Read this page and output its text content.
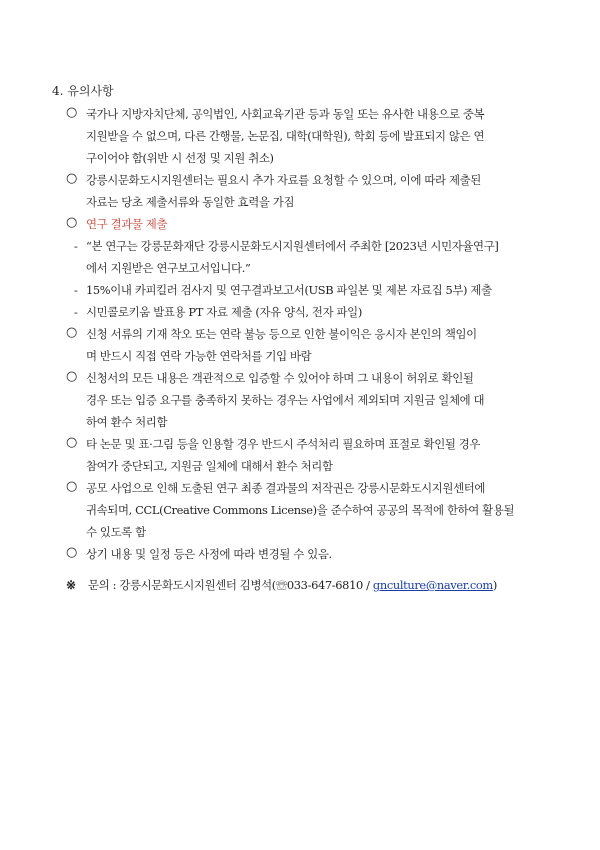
4. 유의사항
○ 국가나 지방자치단체, 공익법인, 사회교육기관 등과 동일 또는 유사한 내용으로 중복
지원받을 수 없으며, 다른 간행물, 논문집, 대학(대학원), 학회 등에 발표되지 않은 연
구이어야 함(위반 시 선정 및 지원 취소)
○ 강릉시문화도시지원센터는 필요시 추가 자료를 요청할 수 있으며, 이에 따라 제출된
자료는 당초 제출서류와 동일한 효력을 가짐
○ 연구 결과물 제출
- “본 연구는 강릉문화재단 강릉시문화도시지원센터에서 주최한 [2023년 시민자율연구]
에서 지원받은 연구보고서입니다.”
- 15%이내 카피킬러 검사지 및 연구결과보고서(USB 파일본 및 제본 자료집 5부) 제출
- 시민콜로키움 발표용 PT 자료 제출 (자유 양식, 전자 파일)
○ 신청 서류의 기재 착오 또는 연락 불능 등으로 인한 불이익은 응시자 본인의 책임이
며 반드시 직접 연락 가능한 연락처를 기입 바람
○ 신청서의 모든 내용은 객관적으로 입증할 수 있어야 하며 그 내용이 허위로 확인될
경우 또는 입증 요구를 충족하지 못하는 경우는 사업에서 제외되며 지원금 일체에 대
하여 환수 처리함
○ 타 논문 및 표·그림 등을 인용할 경우 반드시 주석처리 필요하며 표절로 확인될 경우
참여가 중단되고, 지원금 일체에 대해서 환수 처리함
○ 공모 사업으로 인해 도출된 연구 최종 결과물의 저작권은 강릉시문화도시지원센터에
귀속되며, CCL(Creative Commons License)을 준수하여 공공의 목적에 한하여 활용될
수 있도록 함
○ 상기 내용 및 일정 등은 사정에 따라 변경될 수 있음.
※ 문의 : 강릉시문화도시지원센터 김병석(☏033-647-6810 / gnculture@naver.com)
